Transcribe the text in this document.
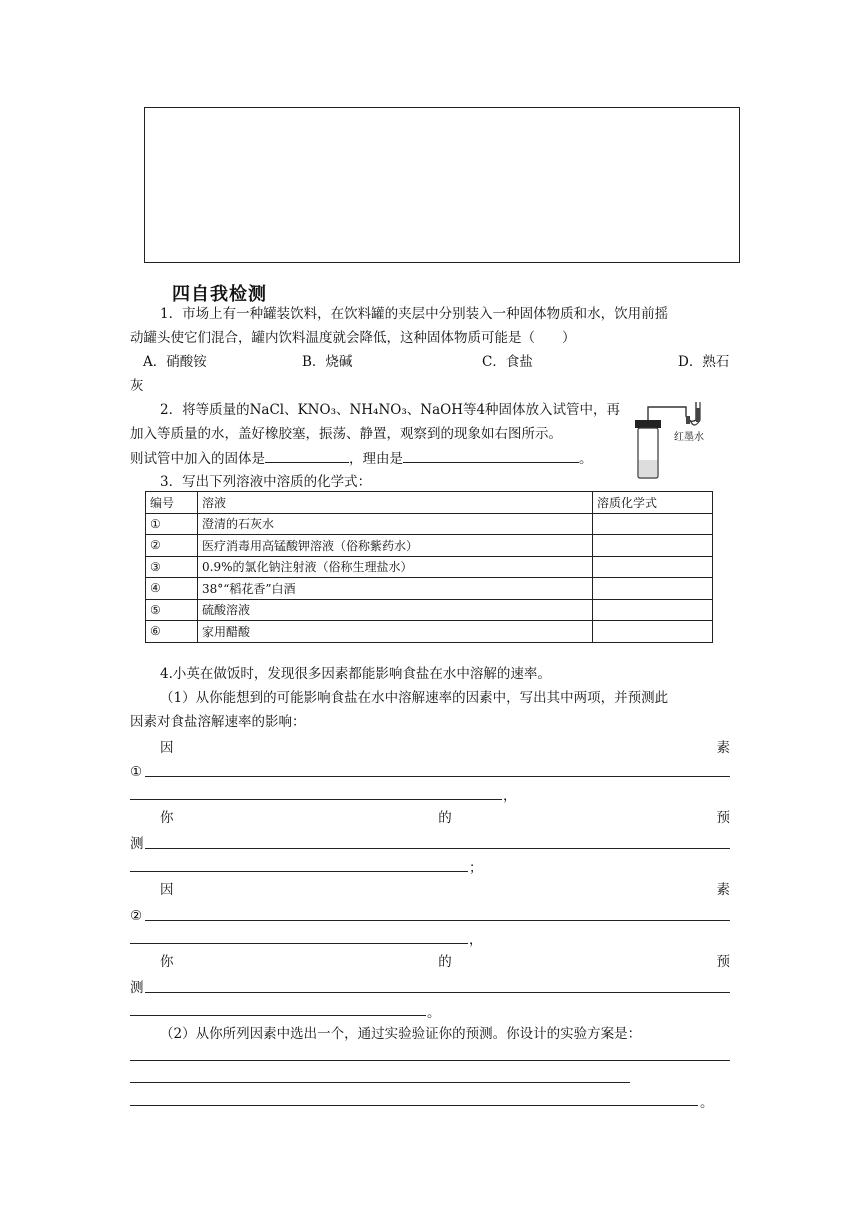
四自我检测
1．市场上有一种罐装饮料，在饮料罐的夹层中分别装入一种固体物质和水，饮用前摇
动罐头使它们混合，罐内饮料温度就会降低，这种固体物质可能是（　　）
A．硝酸铵	B．烧碱	C．食盐	D．熟石
灰
2．将等质量的NaCl、KNO₃、NH₄NO₃、NaOH等4种固体放入试管中，再
加入等质量的水，盖好橡胶塞，振荡、静置，观察到的现象如右图所示。
则试管中加入的固体是	，理由是	。
红墨水
3．写出下列溶液中溶质的化学式：
编号	溶液	溶质化学式
①	澄清的石灰水	
②	医疗消毒用高锰酸钾溶液（俗称紫药水）	
③	0.9%的氯化钠注射液（俗称生理盐水）	
④	38°“稻花香”白酒	
⑤	硫酸溶液	
⑥	家用醋酸	
4.小英在做饭时，发现很多因素都能影响食盐在水中溶解的速率。
（1）从你能想到的可能影响食盐在水中溶解速率的因素中，写出其中两项，并预测此
因素对食盐溶解速率的影响：
因	素
①
，
你	的	预
测
；
因	素
②
，
你	的	预
测
。
（2）从你所列因素中选出一个，通过实验验证你的预测。你设计的实验方案是：
。
